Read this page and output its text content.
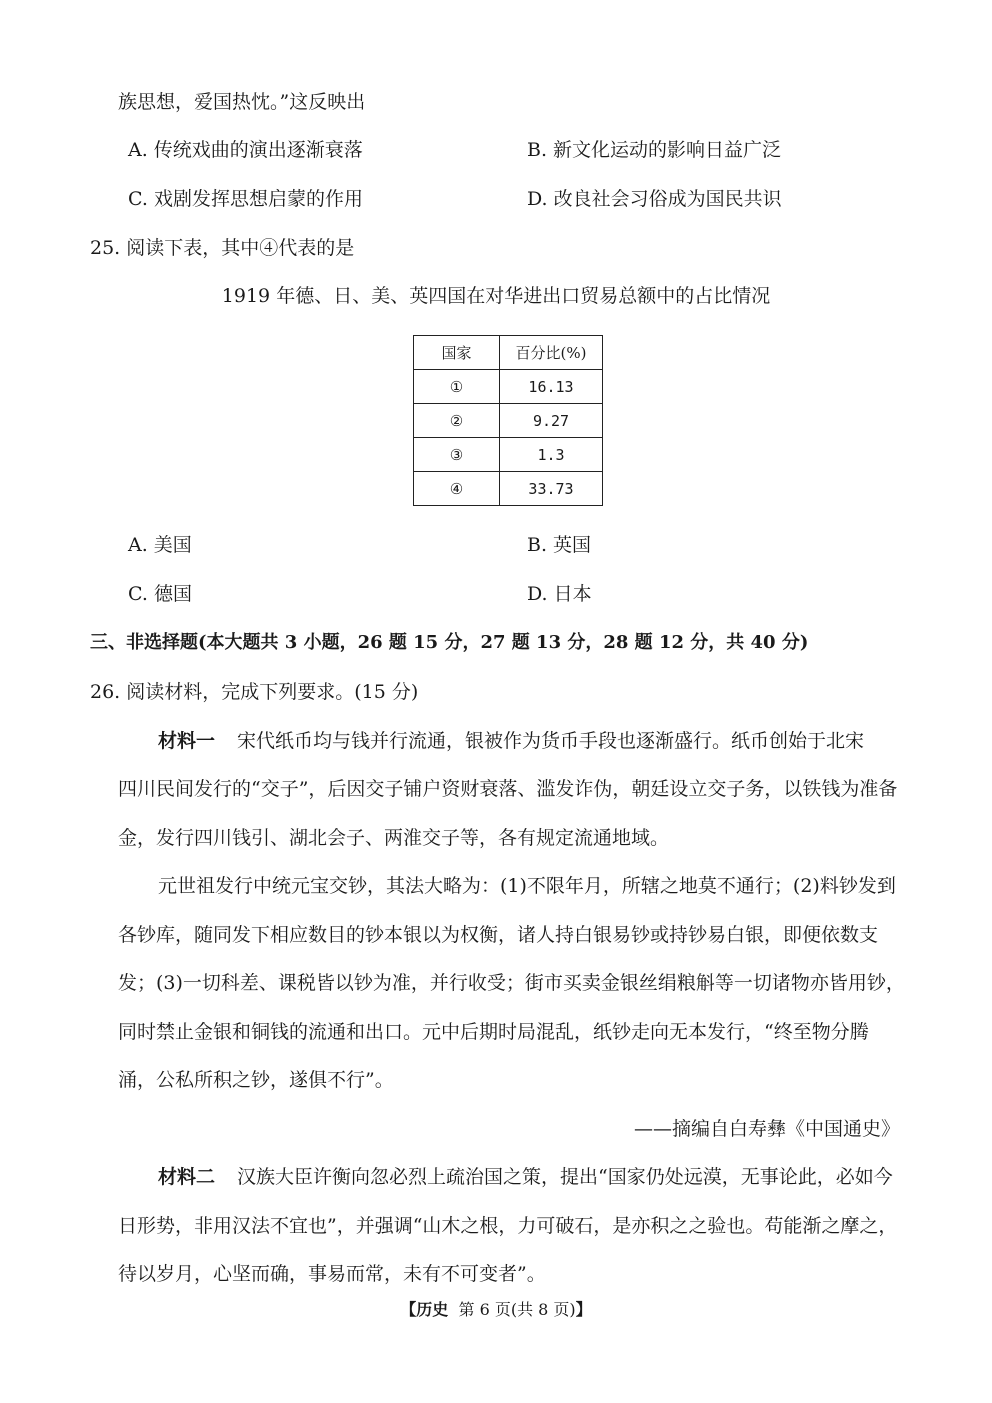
族思想，爱国热忱。”这反映出
A. 传统戏曲的演出逐渐衰落	B. 新文化运动的影响日益广泛
C. 戏剧发挥思想启蒙的作用	D. 改良社会习俗成为国民共识
25. 阅读下表，其中④代表的是
1919 年德、日、美、英四国在对华进出口贸易总额中的占比情况
国家	百分比(%)
①	16.13
②	9.27
③	1.3
④	33.73
A. 美国	B. 英国
C. 德国	D. 日本
三、非选择题(本大题共 3 小题，26 题 15 分，27 题 13 分，28 题 12 分，共 40 分)
26. 阅读材料，完成下列要求。(15 分)
材料一 宋代纸币均与钱并行流通，银被作为货币手段也逐渐盛行。纸币创始于北宋
四川民间发行的“交子”，后因交子铺户资财衰落、滥发诈伪，朝廷设立交子务，以铁钱为准备
金，发行四川钱引、湖北会子、两淮交子等，各有规定流通地域。
元世祖发行中统元宝交钞，其法大略为：(1)不限年月，所辖之地莫不通行；(2)料钞发到
各钞库，随同发下相应数目的钞本银以为权衡，诸人持白银易钞或持钞易白银，即便依数支
发；(3)一切科差、课税皆以钞为准，并行收受；街市买卖金银丝绢粮斛等一切诸物亦皆用钞，
同时禁止金银和铜钱的流通和出口。元中后期时局混乱，纸钞走向无本发行，“终至物分腾
涌，公私所积之钞，遂俱不行”。
——摘编自白寿彝《中国通史》
材料二 汉族大臣许衡向忽必烈上疏治国之策，提出“国家仍处远漠，无事论此，必如今
日形势，非用汉法不宜也”，并强调“山木之根，力可破石，是亦积之之验也。苟能渐之摩之，
待以岁月，心坚而确，事易而常，未有不可变者”。
【历史 第 6 页(共 8 页)】
